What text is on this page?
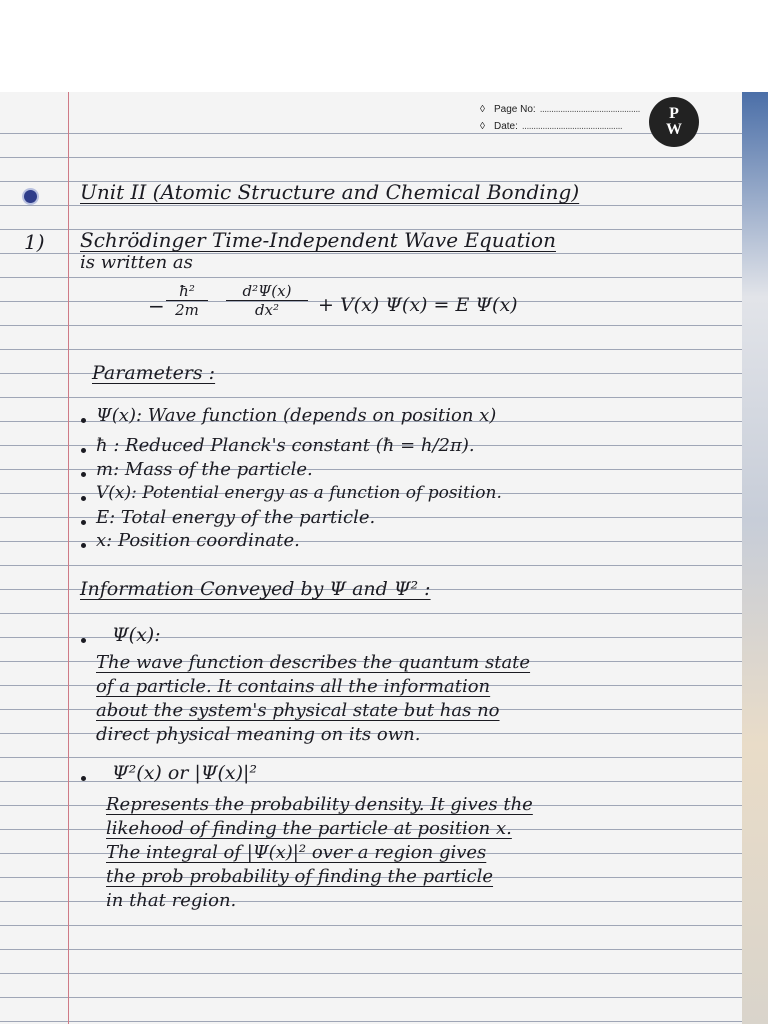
◊ Page No: ............................................
◊ Date: ............................................
P
W
Unit II (Atomic Structure and Chemical Bonding)
1) Schrödinger Time-Independent Wave Equation
is written as
− $\frac{\text{ħ²}}{2m} \frac{\text{d²Ψ(x)}}{\text{dx²}} + V(x) \Psi(x) = E$ Ψ(x)
Parameters :
Ψ(x): Wave function (depends on position x)
ħ : Reduced Planck's constant (ħ = h/2π).
m: Mass of the particle.
V(x): Potential energy as a function of position.
E: Total energy of the particle.
x: Position coordinate.
Information Conveyed by Ψ and Ψ² :
Ψ(x):
The wave function describes the quantum state
of a particle. It contains all the information
about the system's physical state but has no
direct physical meaning on its own.
Ψ²(x) or |Ψ(x)|²
Represents the probability density. It gives the
likehood of finding the particle at position x.
The integral of |Ψ(x)|² over a region gives
the prob probability of finding the particle
in that region.
